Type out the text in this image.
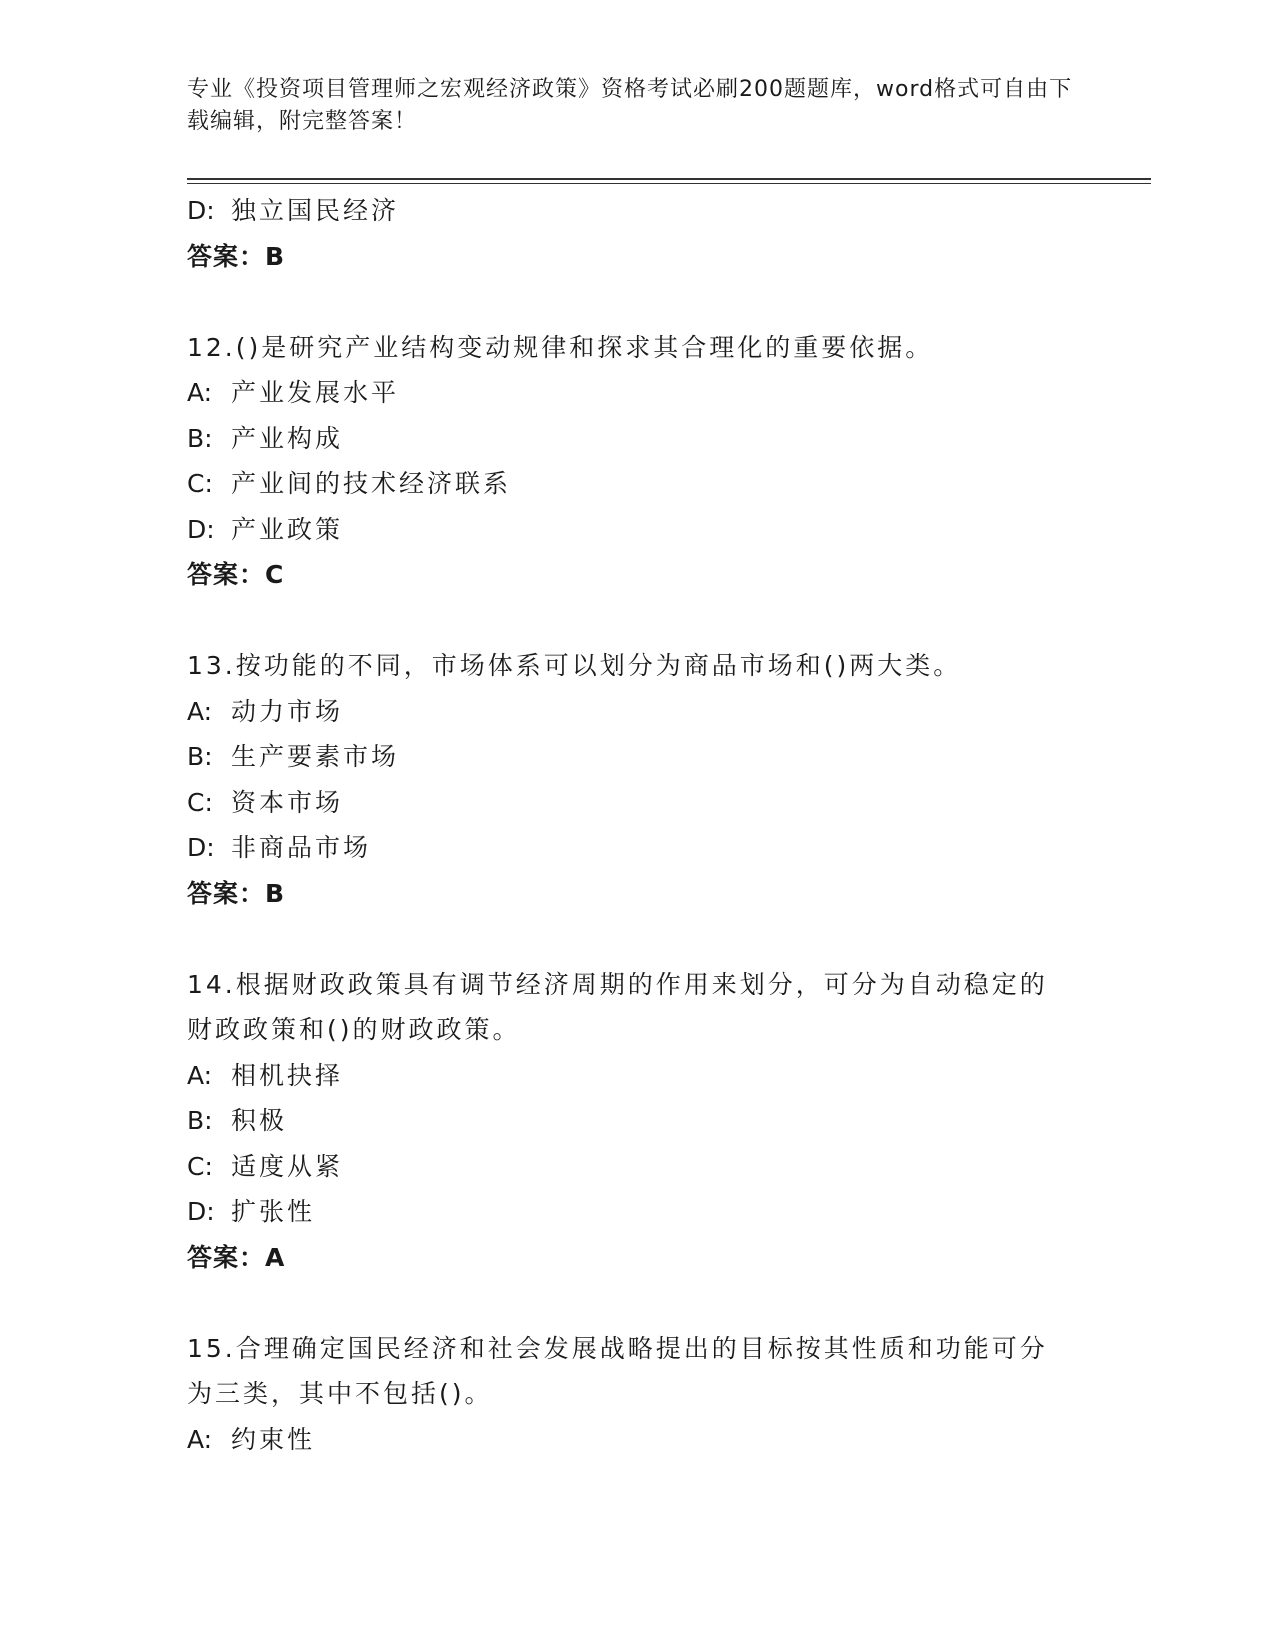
专业《投资项目管理师之宏观经济政策》资格考试必刷200题题库，word格式可自由下载编辑，附完整答案！
D: 独立国民经济
答案：B
12.()是研究产业结构变动规律和探求其合理化的重要依据。
A: 产业发展水平
B: 产业构成
C: 产业间的技术经济联系
D: 产业政策
答案：C
13.按功能的不同，市场体系可以划分为商品市场和()两大类。
A: 动力市场
B: 生产要素市场
C: 资本市场
D: 非商品市场
答案：B
14.根据财政政策具有调节经济周期的作用来划分，可分为自动稳定的财政政策和()的财政政策。
A: 相机抉择
B: 积极
C: 适度从紧
D: 扩张性
答案：A
15.合理确定国民经济和社会发展战略提出的目标按其性质和功能可分为三类，其中不包括()。
A: 约束性
